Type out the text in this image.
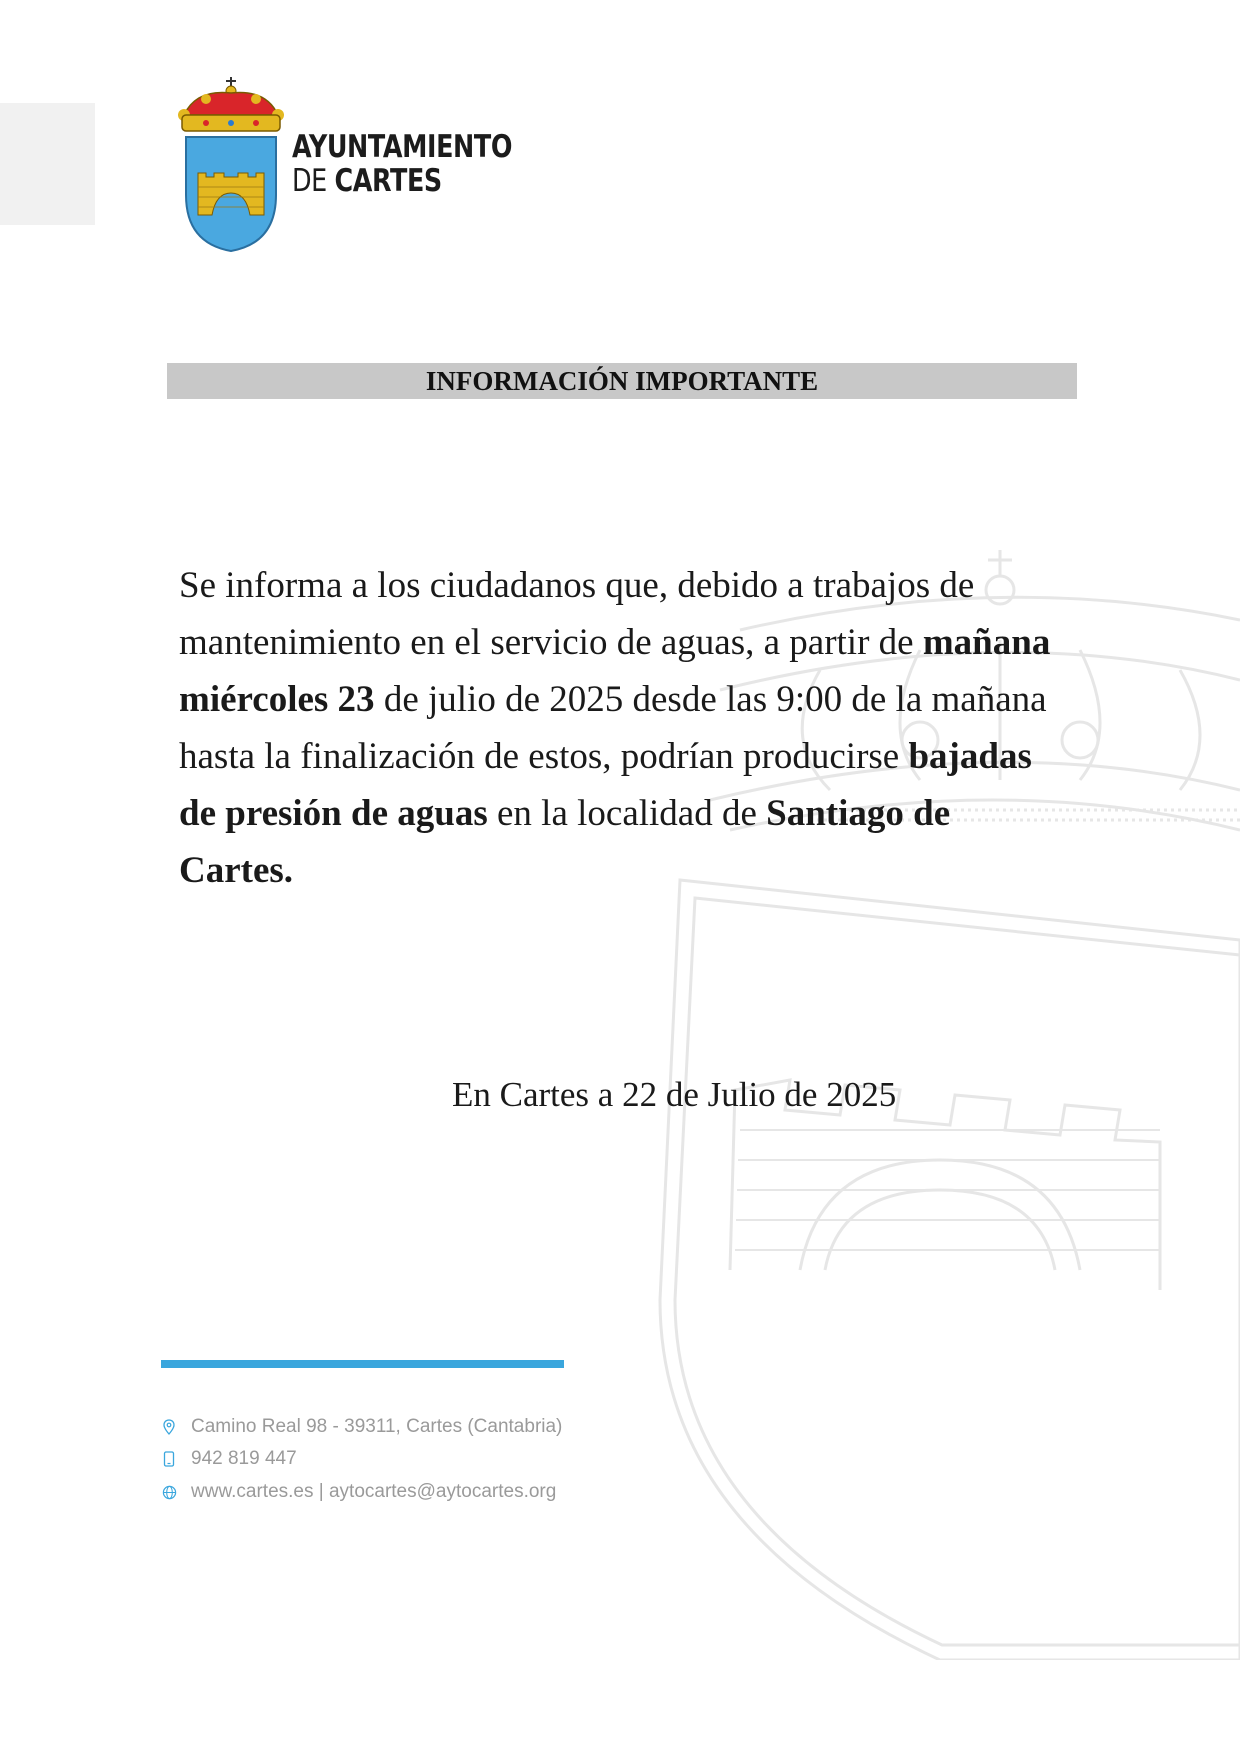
AYUNTAMIENTO
DE CARTES
INFORMACIÓN IMPORTANTE
Se informa a los ciudadanos que, debido a trabajos de mantenimiento en el servicio de aguas, a partir de mañana miércoles 23 de julio de 2025 desde las 9:00 de la mañana hasta la finalización de estos, podrían producirse bajadas de presión de aguas en la localidad de Santiago de Cartes.
En Cartes a 22 de Julio de 2025
Camino Real 98 - 39311, Cartes (Cantabria)
942 819 447
www.cartes.es | aytocartes@aytocartes.org
